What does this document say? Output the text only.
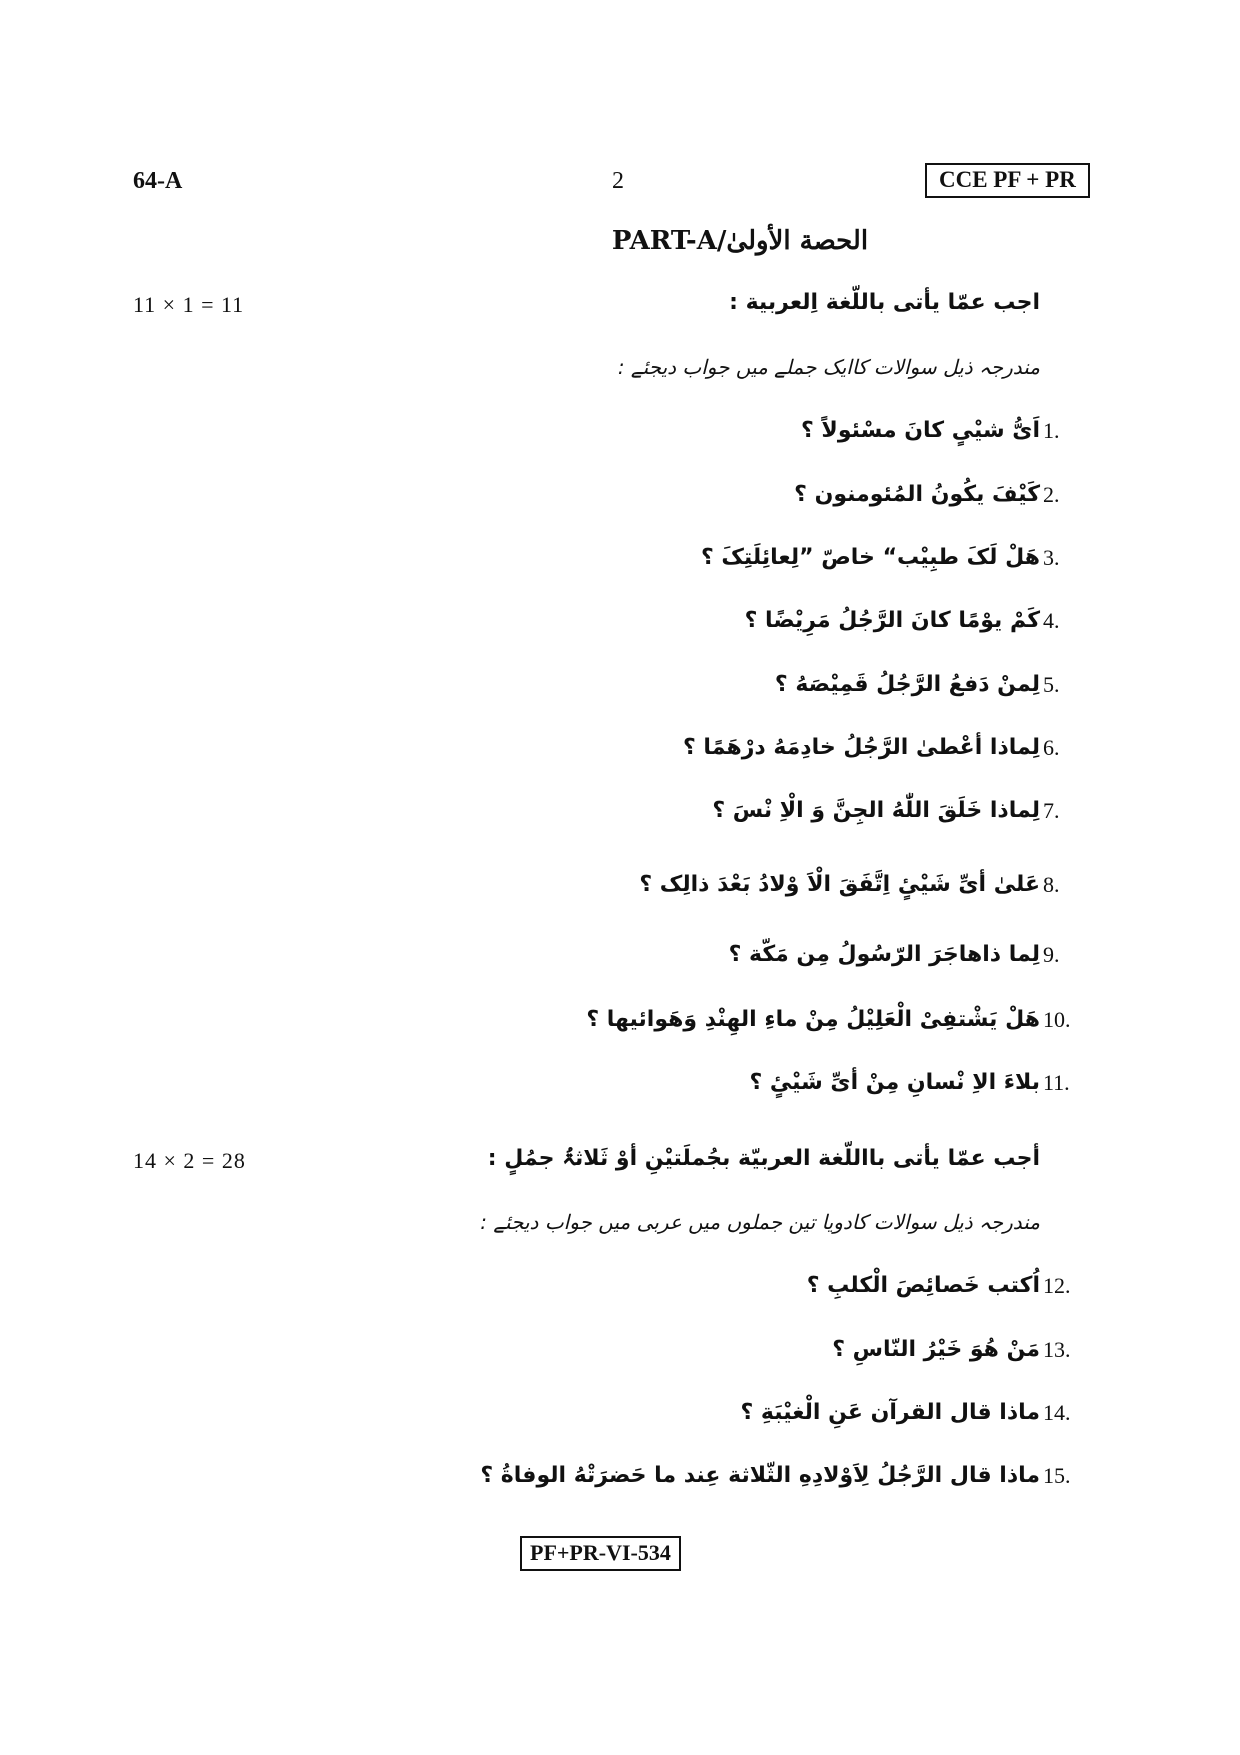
64-A	2	CCE PF + PR
الحصة الأولیٰ/PART-A
11 × 1 = 11	اجب عمّا یأتی باللّغة اِلعربیة :
مندرجہ ذیل سوالات کاایک جملے میں جواب دیجئے :
1.
اَیُّ شیْیٍ کانَ مسْئولاً ؟
2.
کَیْفَ یکُونُ المُئومنون ؟
3.
هَلْ لَکَ طبِیْب“ خاصّ ”لِعائِلَتِکَ ؟
4.
کَمْ یوْمًا کانَ الرَّجُلُ مَرِیْضًا ؟
5.
لِمنْ دَفعُ الرَّجُلُ قَمِیْصَهُ ؟
6.
لِماذا أعْطیٰ الرَّجُلُ خادِمَهُ درْهَمًا ؟
7.
لِماذا خَلَقَ اللّٰهُ الجِنَّ وَ الْاِ نْسَ ؟
8.
عَلیٰ أیِّ شَیْیٍٔ اِتَّفَقَ الْاَ وْلادُ بَعْدَ ذالِک ؟
9.
لِما ذاهاجَرَ الرّسُولُ مِن مَکّة ؟
10.
هَلْ یَشْتفِیْ الْعَلِیْلُ مِنْ ماءِ الهِنْدِ وَهَوائیها ؟
11.
بلاءَ الاِ نْسانِ مِنْ أیِّ شَیْیٍٔ ؟
14 × 2 = 28	أجب عمّا یأتی بااللّغة العربیّة بجُملَتیْنِ أوْ ثَلاثۃُ جمُلٍ :
مندرجہ ذیل سوالات کادویا تین جملوں میں عربی میں جواب دیجئے :
12.
اُکتب خَصائِصَ الْکلبِ ؟
13.
مَنْ هُوَ خَیْرُ النّاسِ ؟
14.
ماذا قال القرآن عَنِ الْغیْبَةِ ؟
15.
ماذا قال الرَّجُلُ لِاَوْلادِهِ الثّلاثة عِند ما حَضرَتْهُ الوفاةُ ؟
PF+PR-VI-534
